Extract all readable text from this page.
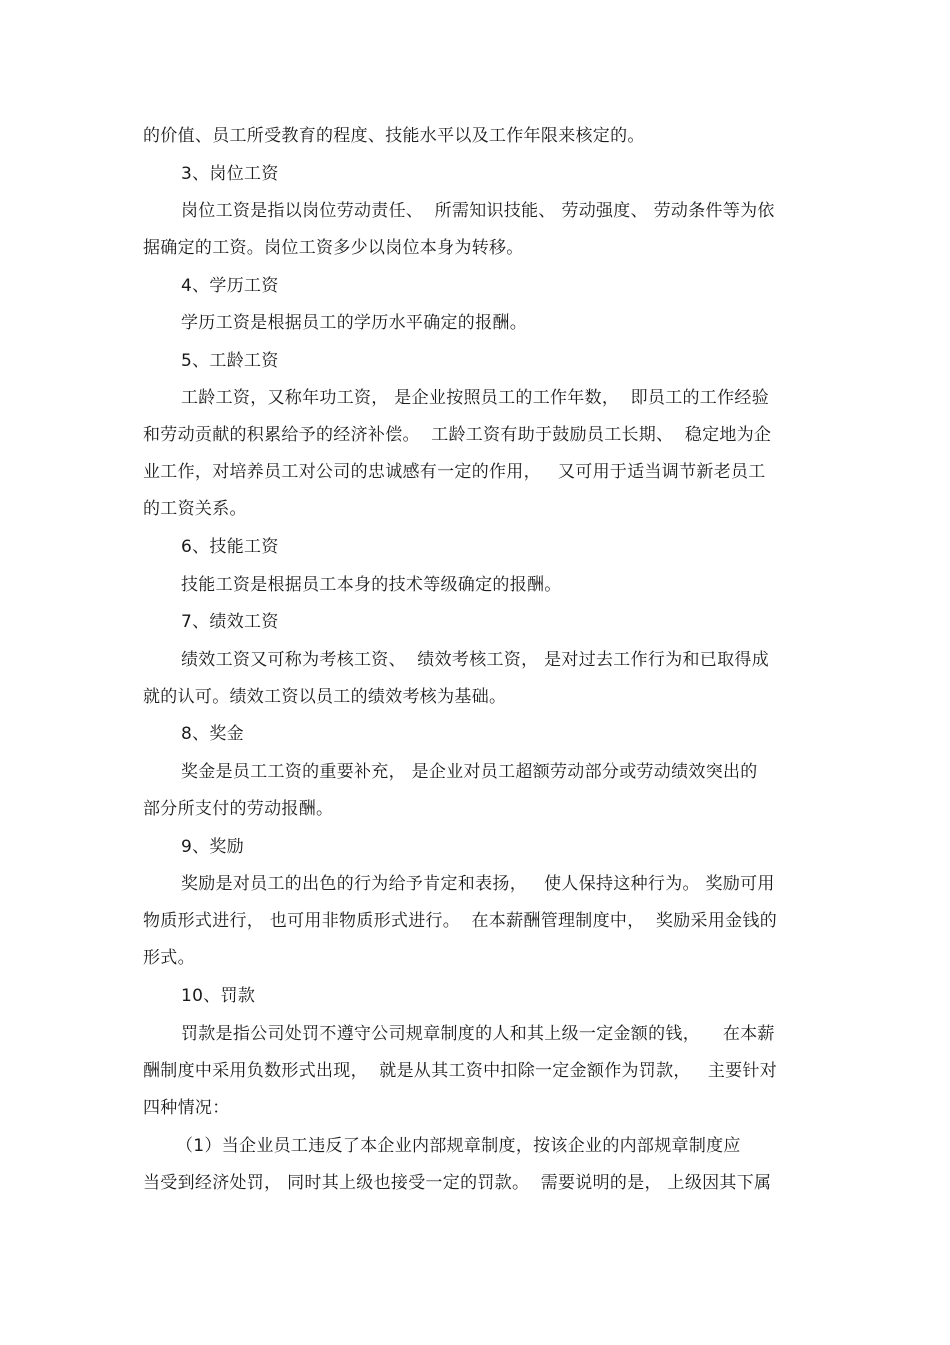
的价值、员工所受教育的程度、技能水平以及工作年限来核定的。
3、岗位工资
岗位工资是指以岗位劳动责任、  所需知识技能、 劳动强度、 劳动条件等为依
据确定的工资。岗位工资多少以岗位本身为转移。
4、学历工资
学历工资是根据员工的学历水平确定的报酬。
5、工龄工资
工龄工资，又称年功工资， 是企业按照员工的工作年数，  即员工的工作经验
和劳动贡献的积累给予的经济补偿。  工龄工资有助于鼓励员工长期、  稳定地为企
业工作，对培养员工对公司的忠诚感有一定的作用，   又可用于适当调节新老员工
的工资关系。
6、技能工资
技能工资是根据员工本身的技术等级确定的报酬。
7、绩效工资
绩效工资又可称为考核工资、  绩效考核工资， 是对过去工作行为和已取得成
就的认可。绩效工资以员工的绩效考核为基础。
8、奖金
奖金是员工工资的重要补充， 是企业对员工超额劳动部分或劳动绩效突出的
部分所支付的劳动报酬。
9、奖励
奖励是对员工的出色的行为给予肯定和表扬，   使人保持这种行为。 奖励可用
物质形式进行， 也可用非物质形式进行。  在本薪酬管理制度中，  奖励采用金钱的
形式。
10、罚款
罚款是指公司处罚不遵守公司规章制度的人和其上级一定金额的钱，    在本薪
酬制度中采用负数形式出现，  就是从其工资中扣除一定金额作为罚款，   主要针对
四种情况：
（1）当企业员工违反了本企业内部规章制度，按该企业的内部规章制度应
当受到经济处罚， 同时其上级也接受一定的罚款。  需要说明的是， 上级因其下属
